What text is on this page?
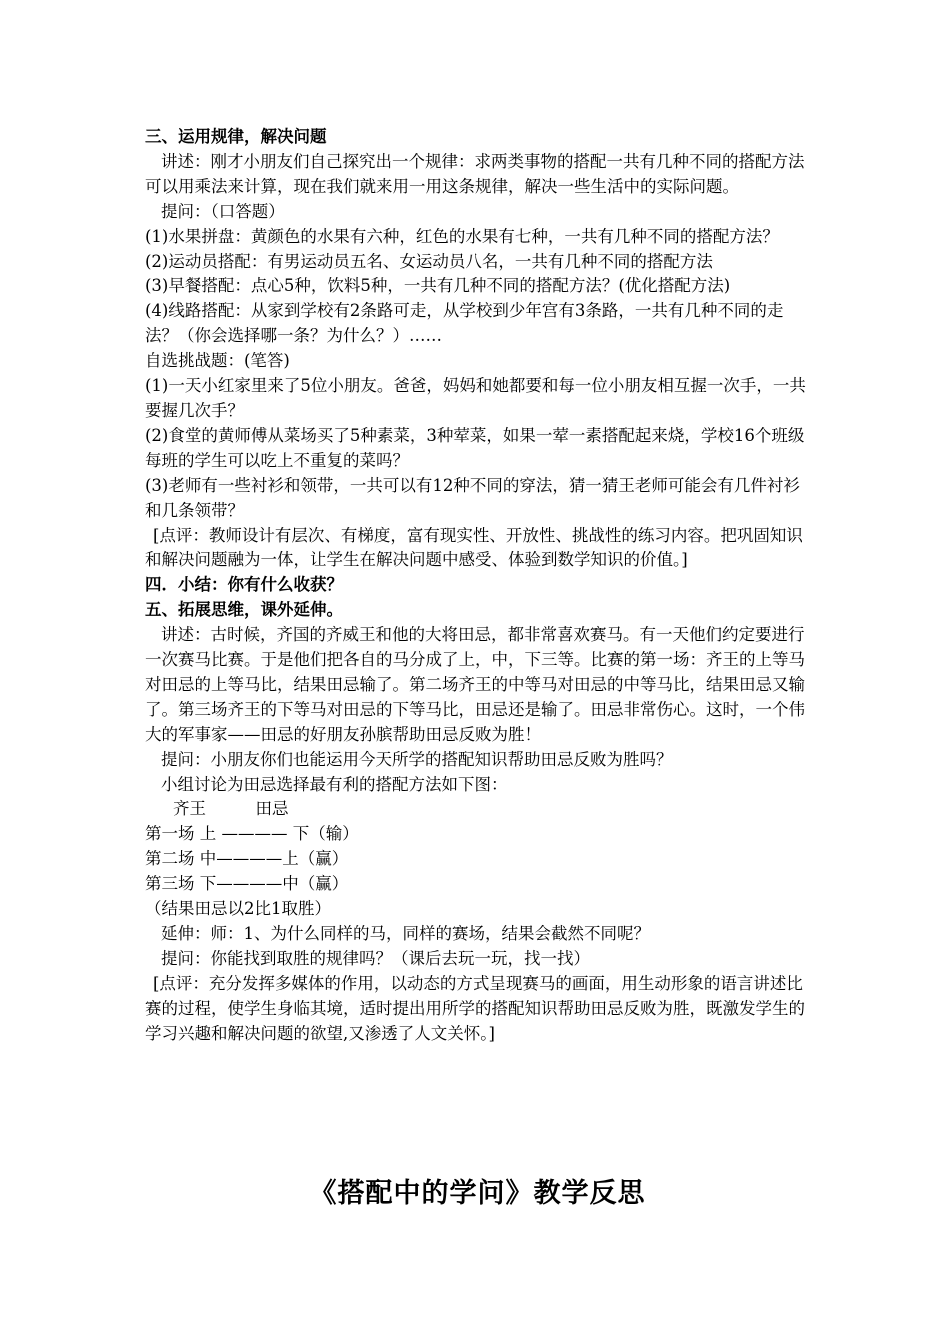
三、运用规律，解决问题

讲述：刚才小朋友们自己探究出一个规律：求两类事物的搭配一共有几种不同的搭配方法可以用乘法来计算，现在我们就来用一用这条规律，解决一些生活中的实际问题。

提问：（口答题）

(1)水果拼盘：黄颜色的水果有六种，红色的水果有七种，一共有几种不同的搭配方法？

(2)运动员搭配：有男运动员五名、女运动员八名，一共有几种不同的搭配方法

(3)早餐搭配：点心5种，饮料5种，一共有几种不同的搭配方法？(优化搭配方法)

(4)线路搭配：从家到学校有2条路可走，从学校到少年宫有3条路，一共有几种不同的走法？（你会选择哪一条？为什么？）……

自选挑战题：(笔答)

(1)一天小红家里来了5位小朋友。爸爸，妈妈和她都要和每一位小朋友相互握一次手，一共要握几次手？

(2)食堂的黄师傅从菜场买了5种素菜，3种荤菜，如果一荤一素搭配起来烧，学校16个班级每班的学生可以吃上不重复的菜吗？

(3)老师有一些衬衫和领带，一共可以有12种不同的穿法，猜一猜王老师可能会有几件衬衫和几条领带？

[点评：教师设计有层次、有梯度，富有现实性、开放性、挑战性的练习内容。把巩固知识和解决问题融为一体，让学生在解决问题中感受、体验到数学知识的价值。]

四．小结：你有什么收获？

五、拓展思维，课外延伸。

讲述：古时候，齐国的齐威王和他的大将田忌，都非常喜欢赛马。有一天他们约定要进行一次赛马比赛。于是他们把各自的马分成了上，中，下三等。比赛的第一场：齐王的上等马对田忌的上等马比，结果田忌输了。第二场齐王的中等马对田忌的中等马比，结果田忌又输了。第三场齐王的下等马对田忌的下等马比，田忌还是输了。田忌非常伤心。这时，一个伟大的军事家——田忌的好朋友孙膑帮助田忌反败为胜！

提问：小朋友你们也能运用今天所学的搭配知识帮助田忌反败为胜吗？

小组讨论为田忌选择最有利的搭配方法如下图：

齐王　　　田忌

第一场 上 ———— 下（输）

第二场 中————上（赢）

第三场 下————中（赢）

（结果田忌以2比1取胜）

延伸：师：1、为什么同样的马，同样的赛场，结果会截然不同呢？

提问：你能找到取胜的规律吗？（课后去玩一玩，找一找）

[点评：充分发挥多媒体的作用，以动态的方式呈现赛马的画面，用生动形象的语言讲述比赛的过程，使学生身临其境，适时提出用所学的搭配知识帮助田忌反败为胜，既激发学生的学习兴趣和解决问题的欲望,又渗透了人文关怀。]

《搭配中的学问》教学反思
